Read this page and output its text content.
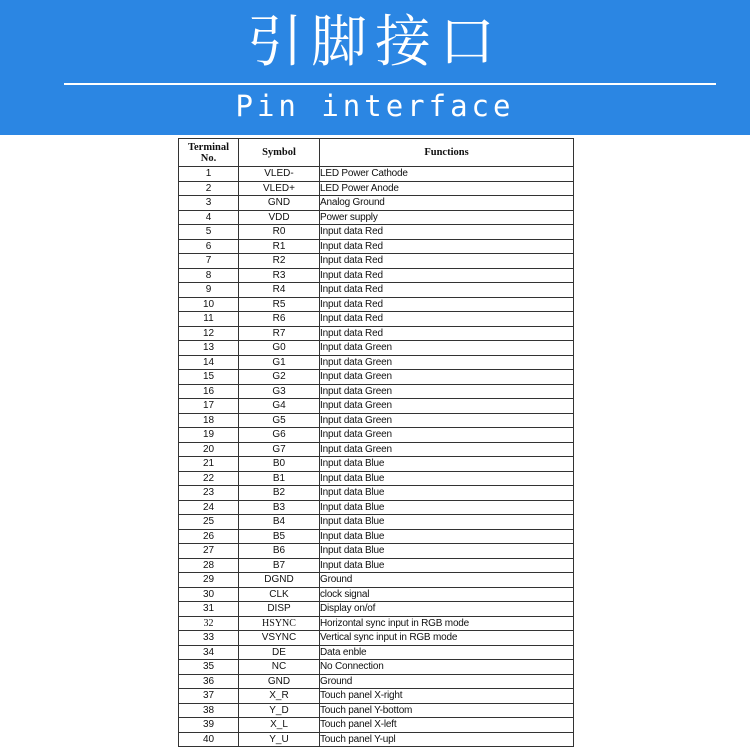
引脚接口
Pin interface
Terminal
No.	Symbol	Functions
1	VLED-	LED Power Cathode
2	VLED+	LED Power Anode
3	GND	Analog Ground
4	VDD	Power supply
5	R0	Input data Red
6	R1	Input data Red
7	R2	Input data Red
8	R3	Input data Red
9	R4	Input data Red
10	R5	Input data Red
11	R6	Input data Red
12	R7	Input data Red
13	G0	Input data Green
14	G1	Input data Green
15	G2	Input data Green
16	G3	Input data Green
17	G4	Input data Green
18	G5	Input data Green
19	G6	Input data Green
20	G7	Input data Green
21	B0	Input data Blue
22	B1	Input data Blue
23	B2	Input data Blue
24	B3	Input data Blue
25	B4	Input data Blue
26	B5	Input data Blue
27	B6	Input data Blue
28	B7	Input data Blue
29	DGND	Ground
30	CLK	clock signal
31	DISP	Display on/of
32	HSYNC	Horizontal sync input in RGB mode
33	VSYNC	Vertical sync input in RGB mode
34	DE	Data enble
35	NC	No Connection
36	GND	Ground
37	X_R	Touch panel X-right
38	Y_D	Touch panel Y-bottom
39	X_L	Touch panel X-left
40	Y_U	Touch panel Y-upl
